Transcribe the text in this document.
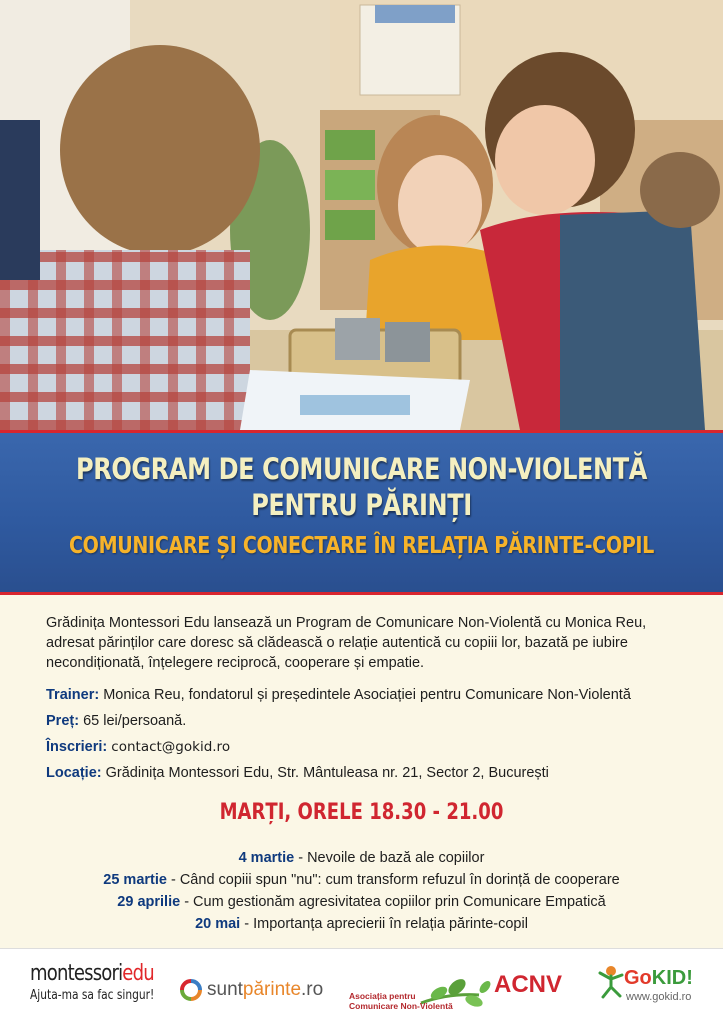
PROGRAM DE COMUNICARE NON-VIOLENTĂ
PENTRU PĂRINȚI
COMUNICARE ȘI CONECTARE ÎN RELAȚIA PĂRINTE-COPIL
Grădinița Montessori Edu lansează un Program de Comunicare Non-Violentă cu Monica Reu, adresat părinților care doresc să clădească o relație autentică cu copiii lor, bazată pe iubire necondiționată, înțelegere reciprocă, cooperare și empatie.
Trainer: Monica Reu, fondatorul și președintele Asociației pentru Comunicare Non-Violentă
Preț: 65 lei/persoană.
Înscrieri: contact@gokid.ro
Locație: Grădinița Montessori Edu, Str. Mântuleasa nr. 21, Sector 2, București
MARȚI, ORELE 18.30 - 21.00
4 martie - Nevoile de bază ale copiilor
25 martie - Când copiii spun "nu": cum transform refuzul în dorință de cooperare
29 aprilie - Cum gestionăm agresivitatea copiilor prin Comunicare Empatică
20 mai - Importanța aprecierii în relația părinte-copil
montessoriedu
Ajuta-ma sa fac singur!	suntpărinte.ro	Asociația pentru
Comunicare Non-Violentă
ACNV	GoKID!
www.gokid.ro
